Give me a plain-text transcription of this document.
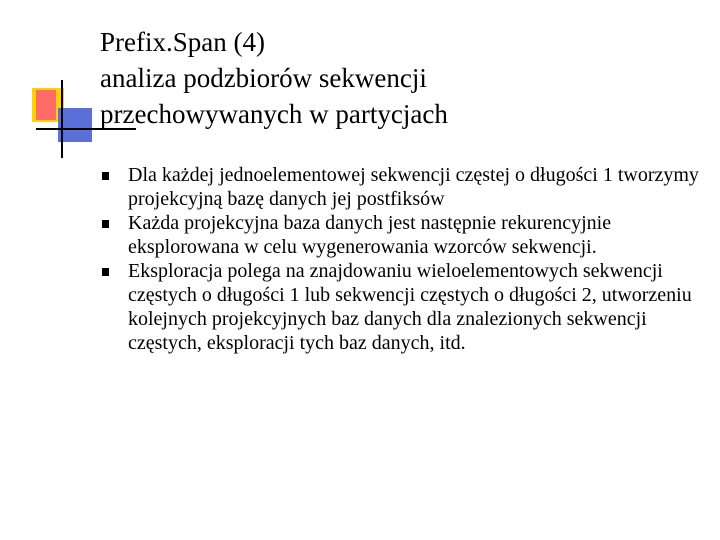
Prefix.Span (4)
analiza podzbiorów sekwencji
przechowywanych w partycjach
Dla każdej jednoelementowej sekwencji częstej o długości 1 tworzymy projekcyjną bazę danych jej postfiksów
Każda projekcyjna baza danych jest następnie rekurencyjnie eksplorowana w celu wygenerowania wzorców sekwencji.
Eksploracja polega na znajdowaniu wieloelementowych sekwencji częstych o długości 1 lub sekwencji częstych o długości 2, utworzeniu kolejnych projekcyjnych baz danych dla znalezionych sekwencji częstych, eksploracji tych baz danych, itd.
